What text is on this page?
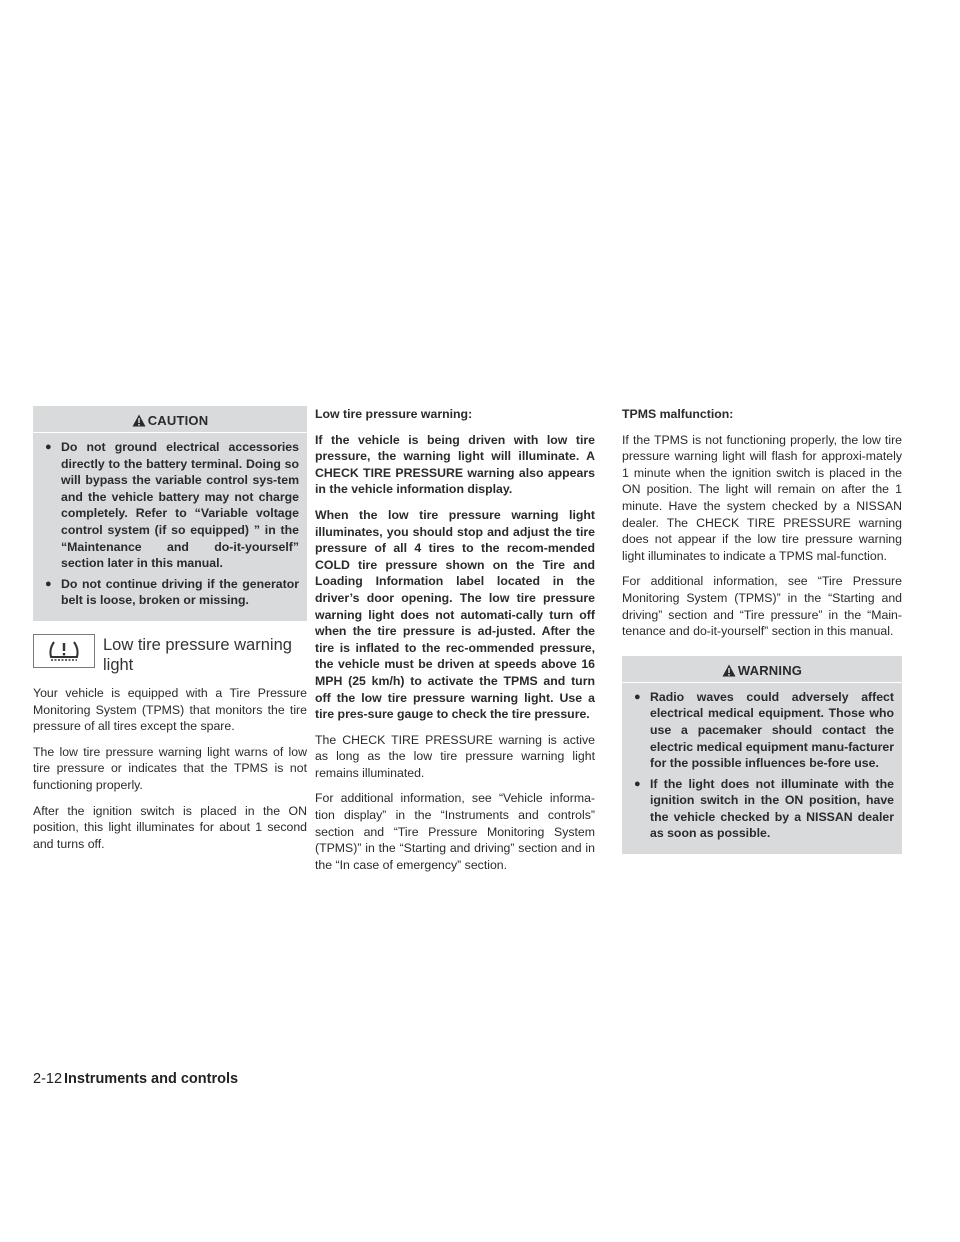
CAUTION
● Do not ground electrical accessories directly to the battery terminal. Doing so will bypass the variable control sys-tem and the vehicle battery may not charge completely. Refer to “Variable voltage control system (if so equipped) ” in the “Maintenance and do-it-yourself” section later in this manual.
● Do not continue driving if the generator belt is loose, broken or missing.
Low tire pressure warning light

Your vehicle is equipped with a Tire Pressure Monitoring System (TPMS) that monitors the tire pressure of all tires except the spare.

The low tire pressure warning light warns of low tire pressure or indicates that the TPMS is not functioning properly.

After the ignition switch is placed in the ON position, this light illuminates for about 1 second and turns off.

Low tire pressure warning:

If the vehicle is being driven with low tire pressure, the warning light will illuminate. A CHECK TIRE PRESSURE warning also appears in the vehicle information display.

When the low tire pressure warning light illuminates, you should stop and adjust the tire pressure of all 4 tires to the recom-mended COLD tire pressure shown on the Tire and Loading Information label located in the driver’s door opening. The low tire pressure warning light does not automati-cally turn off when the tire pressure is ad-justed. After the tire is inflated to the rec-ommended pressure, the vehicle must be driven at speeds above 16 MPH (25 km/h) to activate the TPMS and turn off the low tire pressure warning light. Use a tire pres-sure gauge to check the tire pressure.

The CHECK TIRE PRESSURE warning is active as long as the low tire pressure warning light remains illuminated.

For additional information, see “Vehicle informa-tion display” in the “Instruments and controls” section and “Tire Pressure Monitoring System (TPMS)” in the “Starting and driving” section and in the “In case of emergency” section.

TPMS malfunction:

If the TPMS is not functioning properly, the low tire pressure warning light will flash for approxi-mately 1 minute when the ignition switch is placed in the ON position. The light will remain on after the 1 minute. Have the system checked by a NISSAN dealer. The CHECK TIRE PRESSURE warning does not appear if the low tire pressure warning light illuminates to indicate a TPMS mal-function.

For additional information, see “Tire Pressure Monitoring System (TPMS)” in the “Starting and driving” section and “Tire pressure” in the “Main-tenance and do-it-yourself” section in this manual.

WARNING
● Radio waves could adversely affect electrical medical equipment. Those who use a pacemaker should contact the electric medical equipment manu-facturer for the possible influences be-fore use.
● If the light does not illuminate with the ignition switch in the ON position, have the vehicle checked by a NISSAN dealer as soon as possible.
2-12 Instruments and controls
